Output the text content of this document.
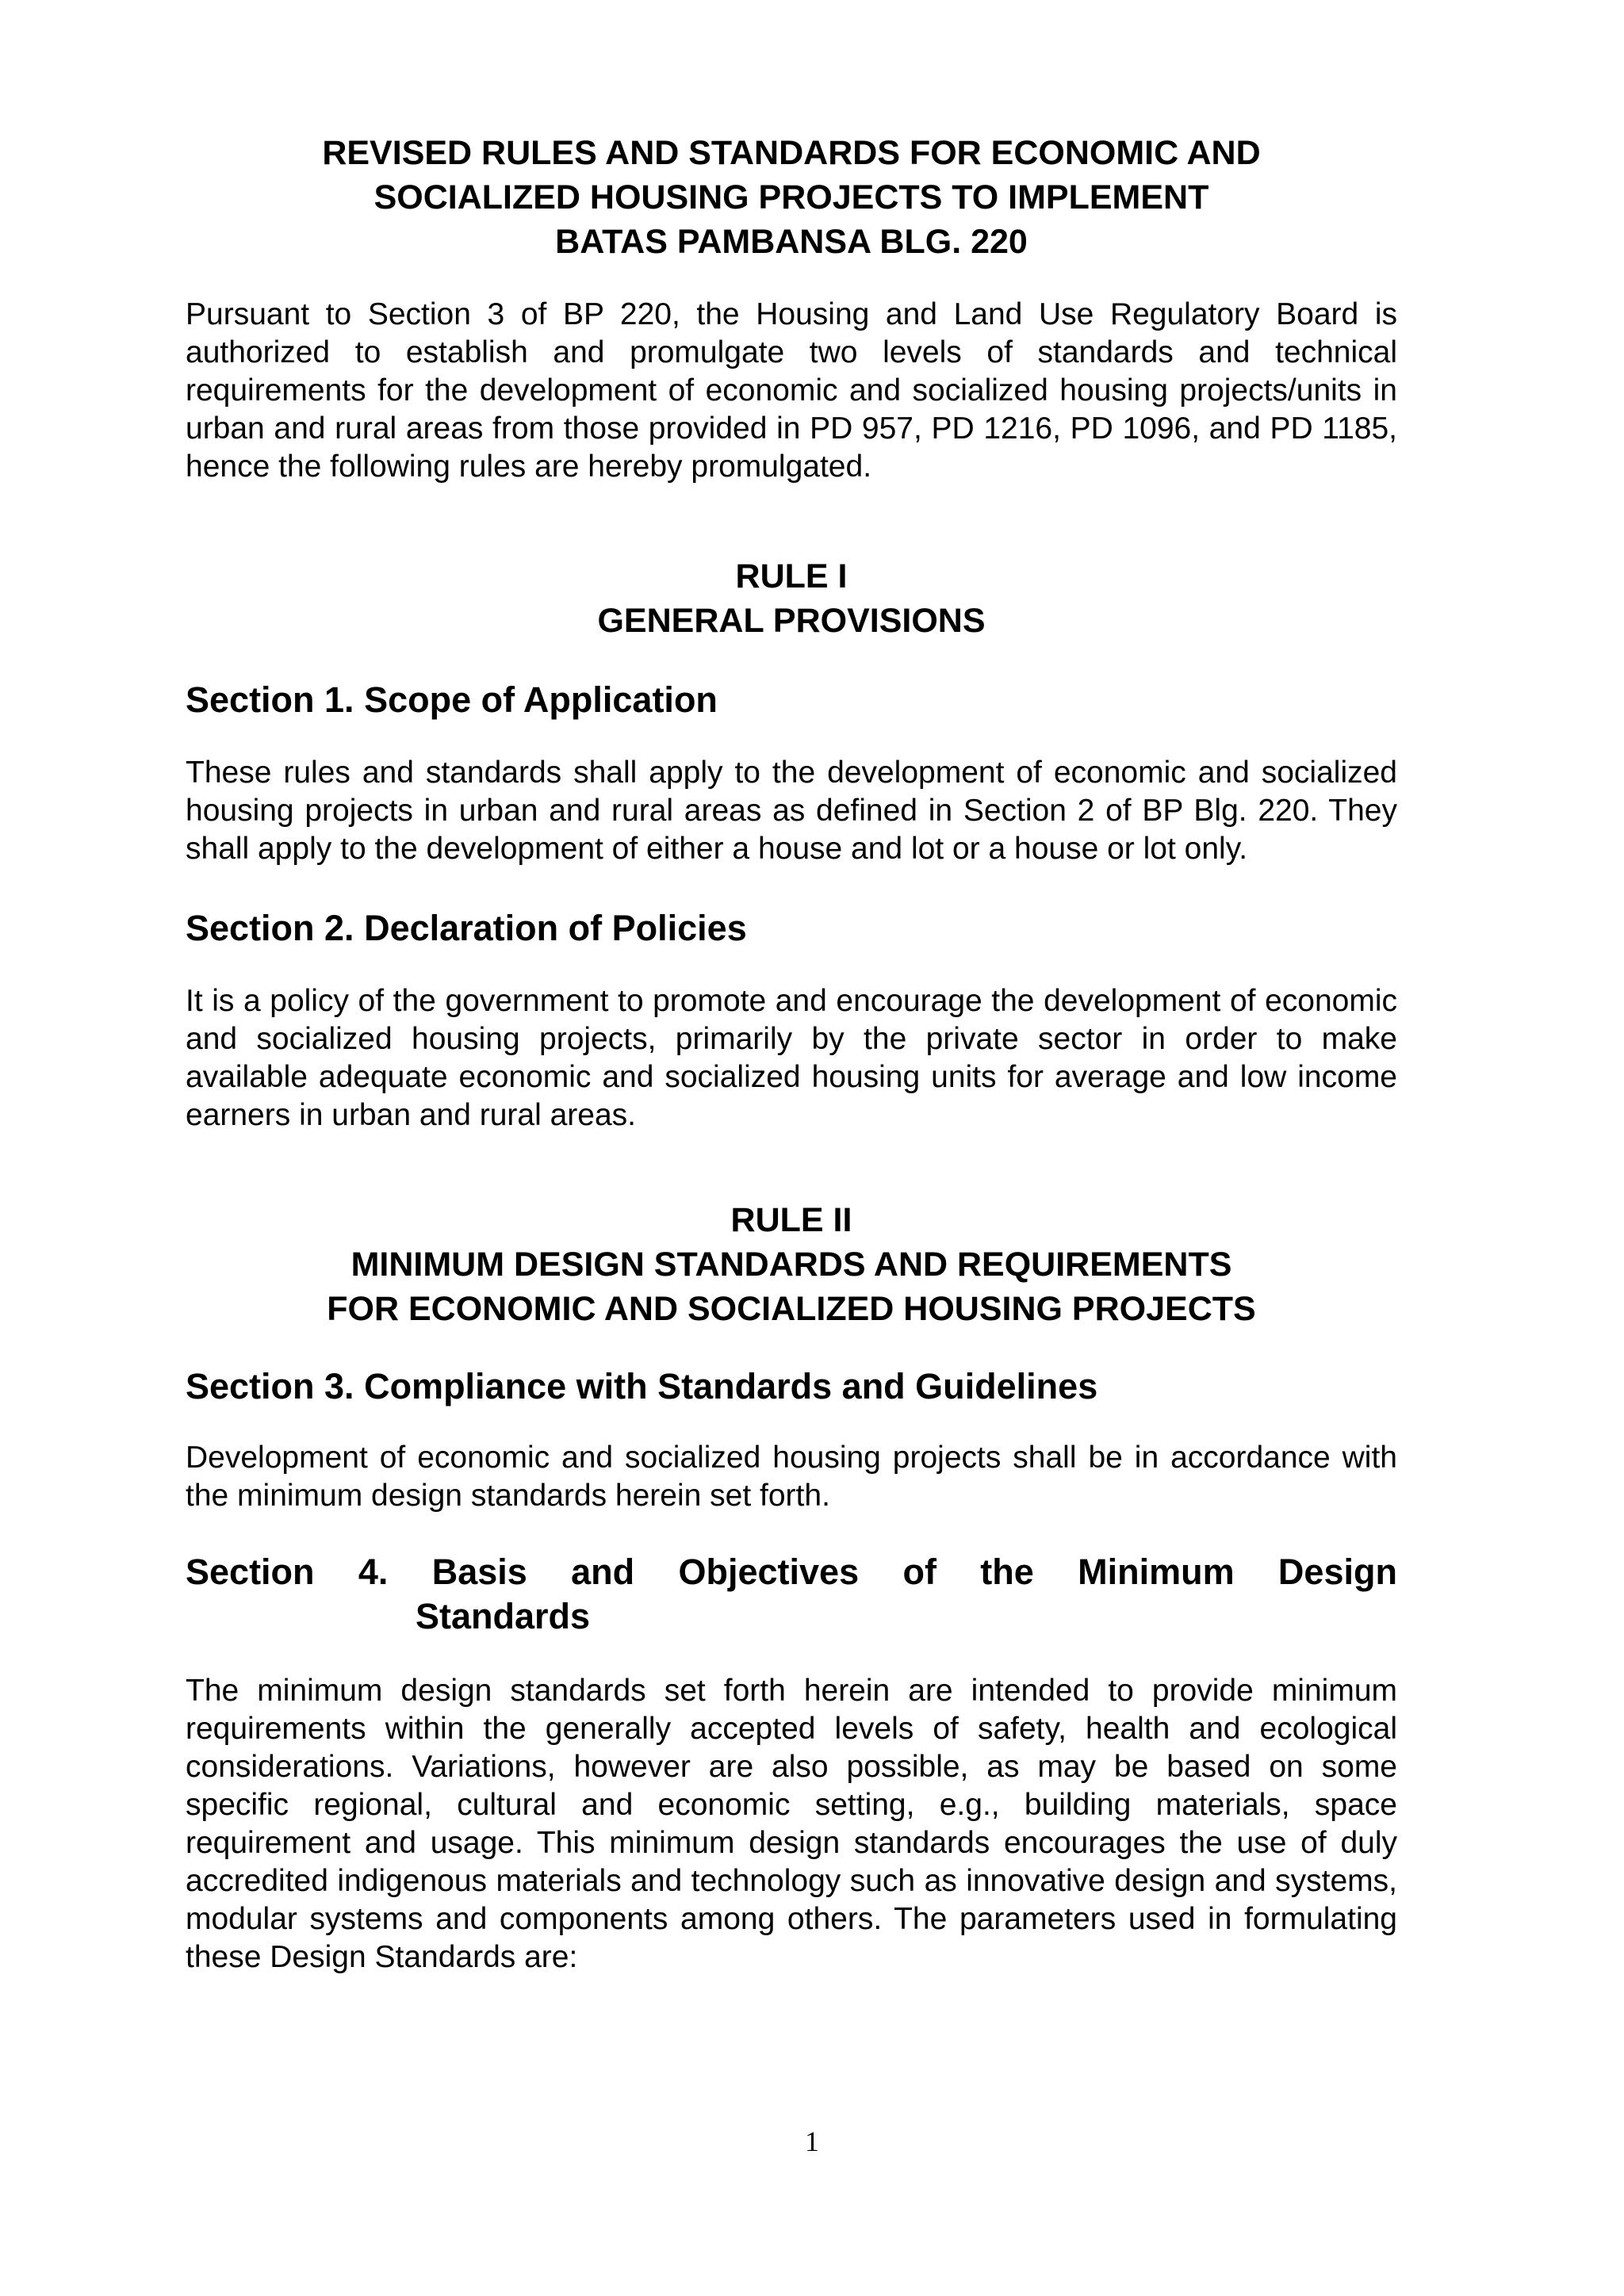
REVISED RULES AND STANDARDS FOR ECONOMIC AND
SOCIALIZED HOUSING PROJECTS TO IMPLEMENT
BATAS PAMBANSA BLG. 220

Pursuant to Section 3 of BP 220, the Housing and Land Use Regulatory Board is authorized to establish and promulgate two levels of standards and technical requirements for the development of economic and socialized housing projects/units in urban and rural areas from those provided in PD 957, PD 1216, PD 1096, and PD 1185, hence the following rules are hereby promulgated.

RULE I
GENERAL PROVISIONS
Section 1. Scope of Application

These rules and standards shall apply to the development of economic and socialized housing projects in urban and rural areas as defined in Section 2 of BP Blg. 220. They shall apply to the development of either a house and lot or a house or lot only.

Section 2. Declaration of Policies

It is a policy of the government to promote and encourage the development of economic and socialized housing projects, primarily by the private sector in order to make available adequate economic and socialized housing units for average and low income earners in urban and rural areas.

RULE II
MINIMUM DESIGN STANDARDS AND REQUIREMENTS
FOR ECONOMIC AND SOCIALIZED HOUSING PROJECTS
Section 3. Compliance with Standards and Guidelines

Development of economic and socialized housing projects shall be in accordance with the minimum design standards herein set forth.

Section 4. Basis and Objectives of the Minimum Design
Standards

The minimum design standards set forth herein are intended to provide minimum requirements within the generally accepted levels of safety, health and ecological considerations. Variations, however are also possible, as may be based on some specific regional, cultural and economic setting, e.g., building materials, space requirement and usage. This minimum design standards encourages the use of duly accredited indigenous materials and technology such as innovative design and systems, modular systems and components among others. The parameters used in formulating these Design Standards are:

1
